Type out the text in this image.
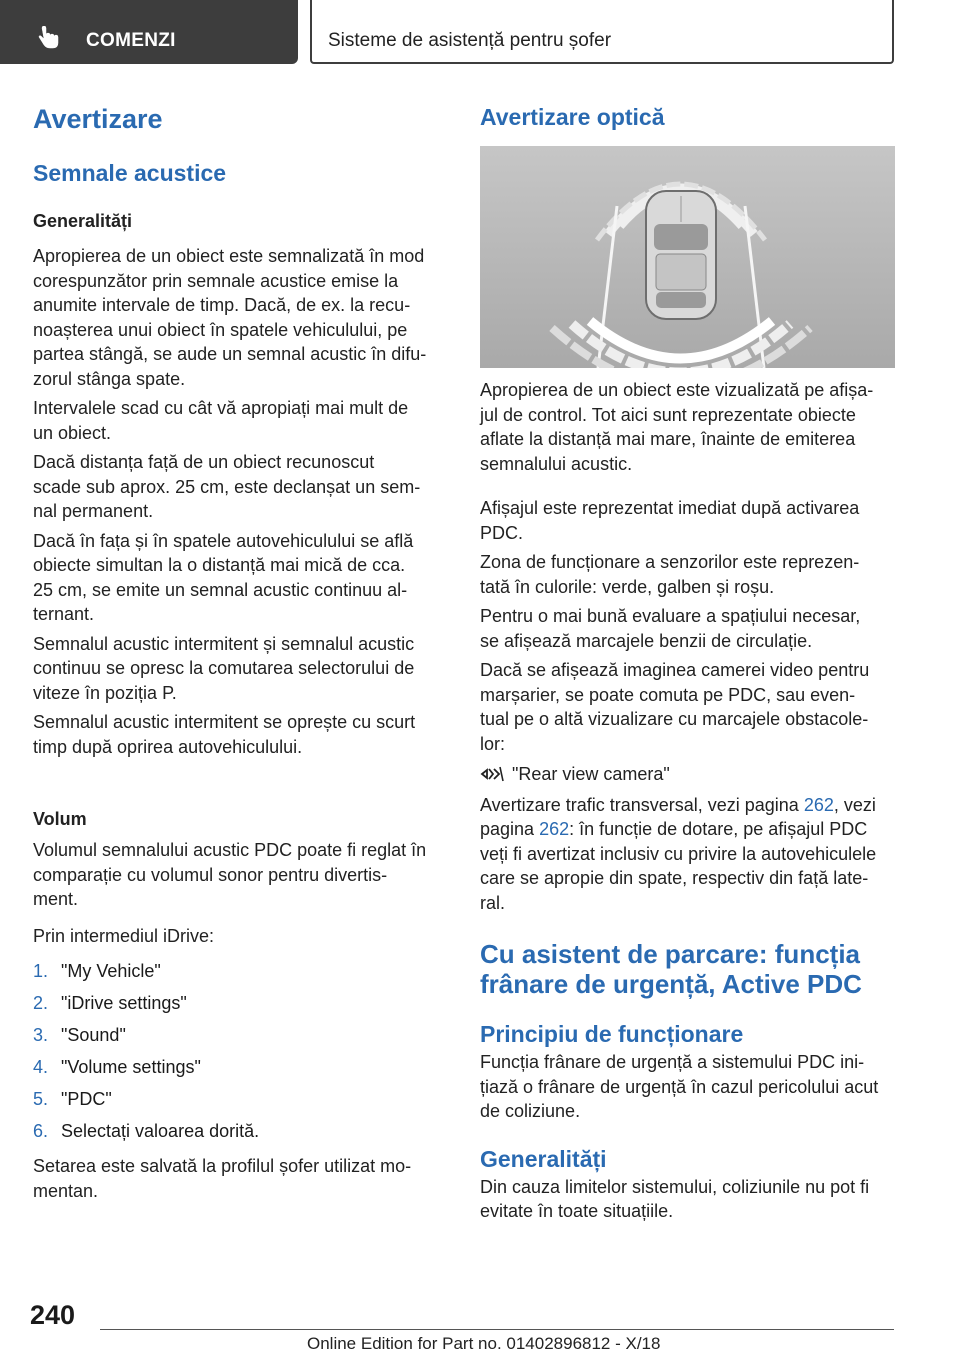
COMENZI	Sisteme de asistență pentru șofer
Avertizare
Semnale acustice
Generalități
Apropierea de un obiect este semnalizată în mod
corespunzător prin semnale acustice emise la
anumite intervale de timp. Dacă, de ex. la recu-
noașterea unui obiect în spatele vehiculului, pe
partea stângă, se aude un semnal acustic în difu-
zorul stânga spate.
Intervalele scad cu cât vă apropiați mai mult de
un obiect.
Dacă distanța față de un obiect recunoscut
scade sub aprox. 25 cm, este declanșat un sem-
nal permanent.
Dacă în fața și în spatele autovehiculului se află
obiecte simultan la o distanță mai mică de cca.
25 cm, se emite un semnal acustic continuu al-
ternant.
Semnalul acustic intermitent și semnalul acustic
continuu se opresc la comutarea selectorului de
viteze în poziția P.
Semnalul acustic intermitent se oprește cu scurt
timp după oprirea autovehiculului.
Volum
Volumul semnalului acustic PDC poate fi reglat în
comparație cu volumul sonor pentru divertis-
ment.
Prin intermediul iDrive:
1. "My Vehicle"
2. "iDrive settings"
3. "Sound"
4. "Volume settings"
5. "PDC"
6. Selectați valoarea dorită.
Setarea este salvată la profilul șofer utilizat mo-
mentan.
Avertizare optică
Apropierea de un obiect este vizualizată pe afișa-
jul de control. Tot aici sunt reprezentate obiecte
aflate la distanță mai mare, înainte de emiterea
semnalului acustic.
Afișajul este reprezentat imediat după activarea
PDC.
Zona de funcționare a senzorilor este reprezen-
tată în culorile: verde, galben și roșu.
Pentru o mai bună evaluare a spațiului necesar,
se afișează marcajele benzii de circulație.
Dacă se afișează imaginea camerei video pentru
marșarier, se poate comuta pe PDC, sau even-
tual pe o altă vizualizare cu marcajele obstacole-
lor:
"Rear view camera"
Avertizare trafic transversal, vezi pagina 262, vezi
pagina 262: în funcție de dotare, pe afișajul PDC
veți fi avertizat inclusiv cu privire la autovehiculele
care se apropie din spate, respectiv din față late-
ral.
Cu asistent de parcare: funcția
frânare de urgență, Active PDC
Principiu de funcționare
Funcția frânare de urgență a sistemului PDC ini-
țiază o frânare de urgență în cazul pericolului acut
de coliziune.
Generalități
Din cauza limitelor sistemului, coliziunile nu pot fi
evitate în toate situațiile.
240
Online Edition for Part no. 01402896812 - X/18
